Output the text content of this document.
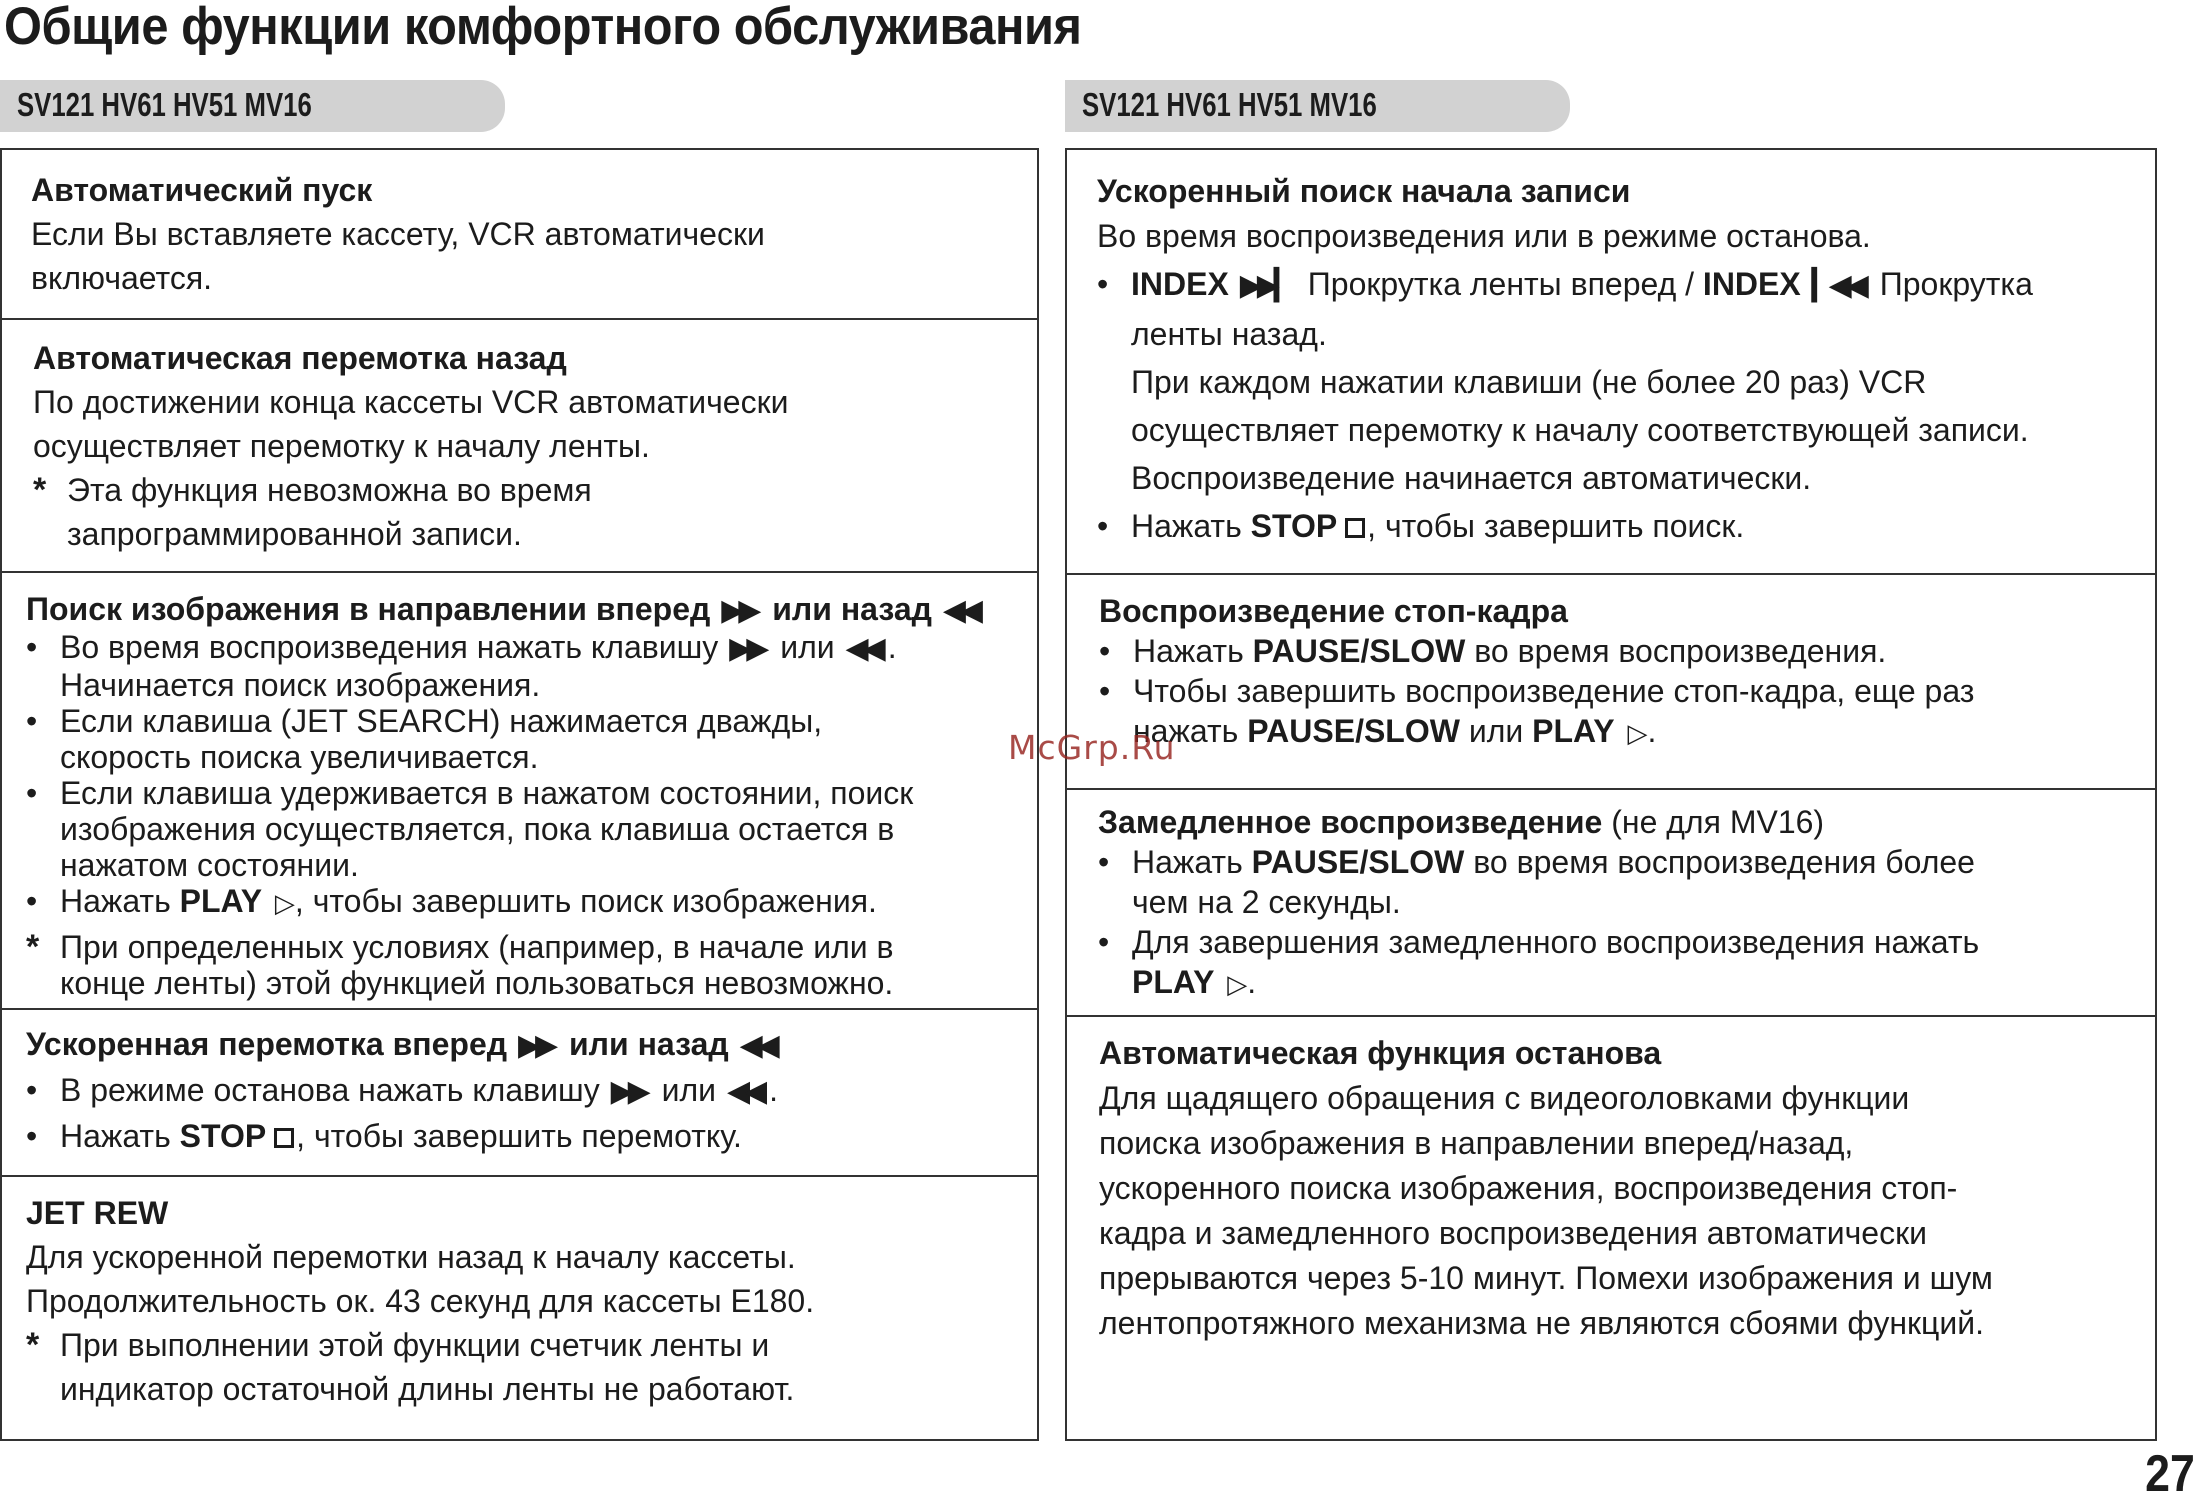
Общие функции комфортного обслуживания
SV121 HV61 HV51 MV16	SV121 HV61 HV51 MV16
Автоматический пуск
Если Вы вставляете кассету, VCR автоматически
включается.
Автоматическая перемотка назад
По достижении конца кассеты VCR автоматически
осуществляет перемотку к началу ленты.
* Эта функция невозможна во время
запрограммированной записи.
Поиск изображения в направлении вперед ▶▶ или назад ◀◀
• Во время воспроизведения нажать клавишу ▶▶ или ◀◀ .
Начинается поиск изображения.
• Если клавиша (JET SEARCH) нажимается дважды,
скорость поиска увеличивается.
• Если клавиша удерживается в нажатом состоянии, поиск
изображения осуществляется, пока клавиша остается в
нажатом состоянии.
• Нажать PLAY ▷, чтобы завершить поиск изображения.
* При определенных условиях (например, в начале или в
конце ленты) этой функцией пользоваться невозможно.
Ускоренная перемотка вперед ▶▶ или назад ◀◀
• В режиме останова нажать клавишу ▶▶ или ◀◀ .
• Нажать STOP , чтобы завершить перемотку.
JET REW
Для ускоренной перемотки назад к началу кассеты.
Продолжительность ок. 43 секунд для кассеты E180.
* При выполнении этой функции счетчик ленты и
индикатор остаточной длины ленты не работают.
Ускоренный поиск начала записи
Во время воспроизведения или в режиме останова.
• INDEX ▶▶▎ Прокрутка ленты вперед / INDEX ▎◀◀ Прокрутка
ленты назад.
При каждом нажатии клавиши (не более 20 раз) VCR
осуществляет перемотку к началу соответствующей записи.
Воспроизведение начинается автоматически.
• Нажать STOP , чтобы завершить поиск.
Воспроизведение стоп-кадра
• Нажать PAUSE/SLOW во время воспроизведения.
• Чтобы завершить воспроизведение стоп-кадра, еще раз
нажать PAUSE/SLOW или PLAY ▷.
Замедленное воспроизведение (не для MV16)
• Нажать PAUSE/SLOW во время воспроизведения более
чем на 2 секунды.
• Для завершения замедленного воспроизведения нажать
PLAY ▷.
Автоматическая функция останова
Для щадящего обращения с видеоголовками функции
поиска изображения в направлении вперед/назад,
ускоренного поиска изображения, воспроизведения стоп-
кадра и замедленного воспроизведения автоматически
прерываются через 5-10 минут. Помехи изображения и шум
лентопротяжного механизма не являются сбоями функций.
McGrp.Ru
27
